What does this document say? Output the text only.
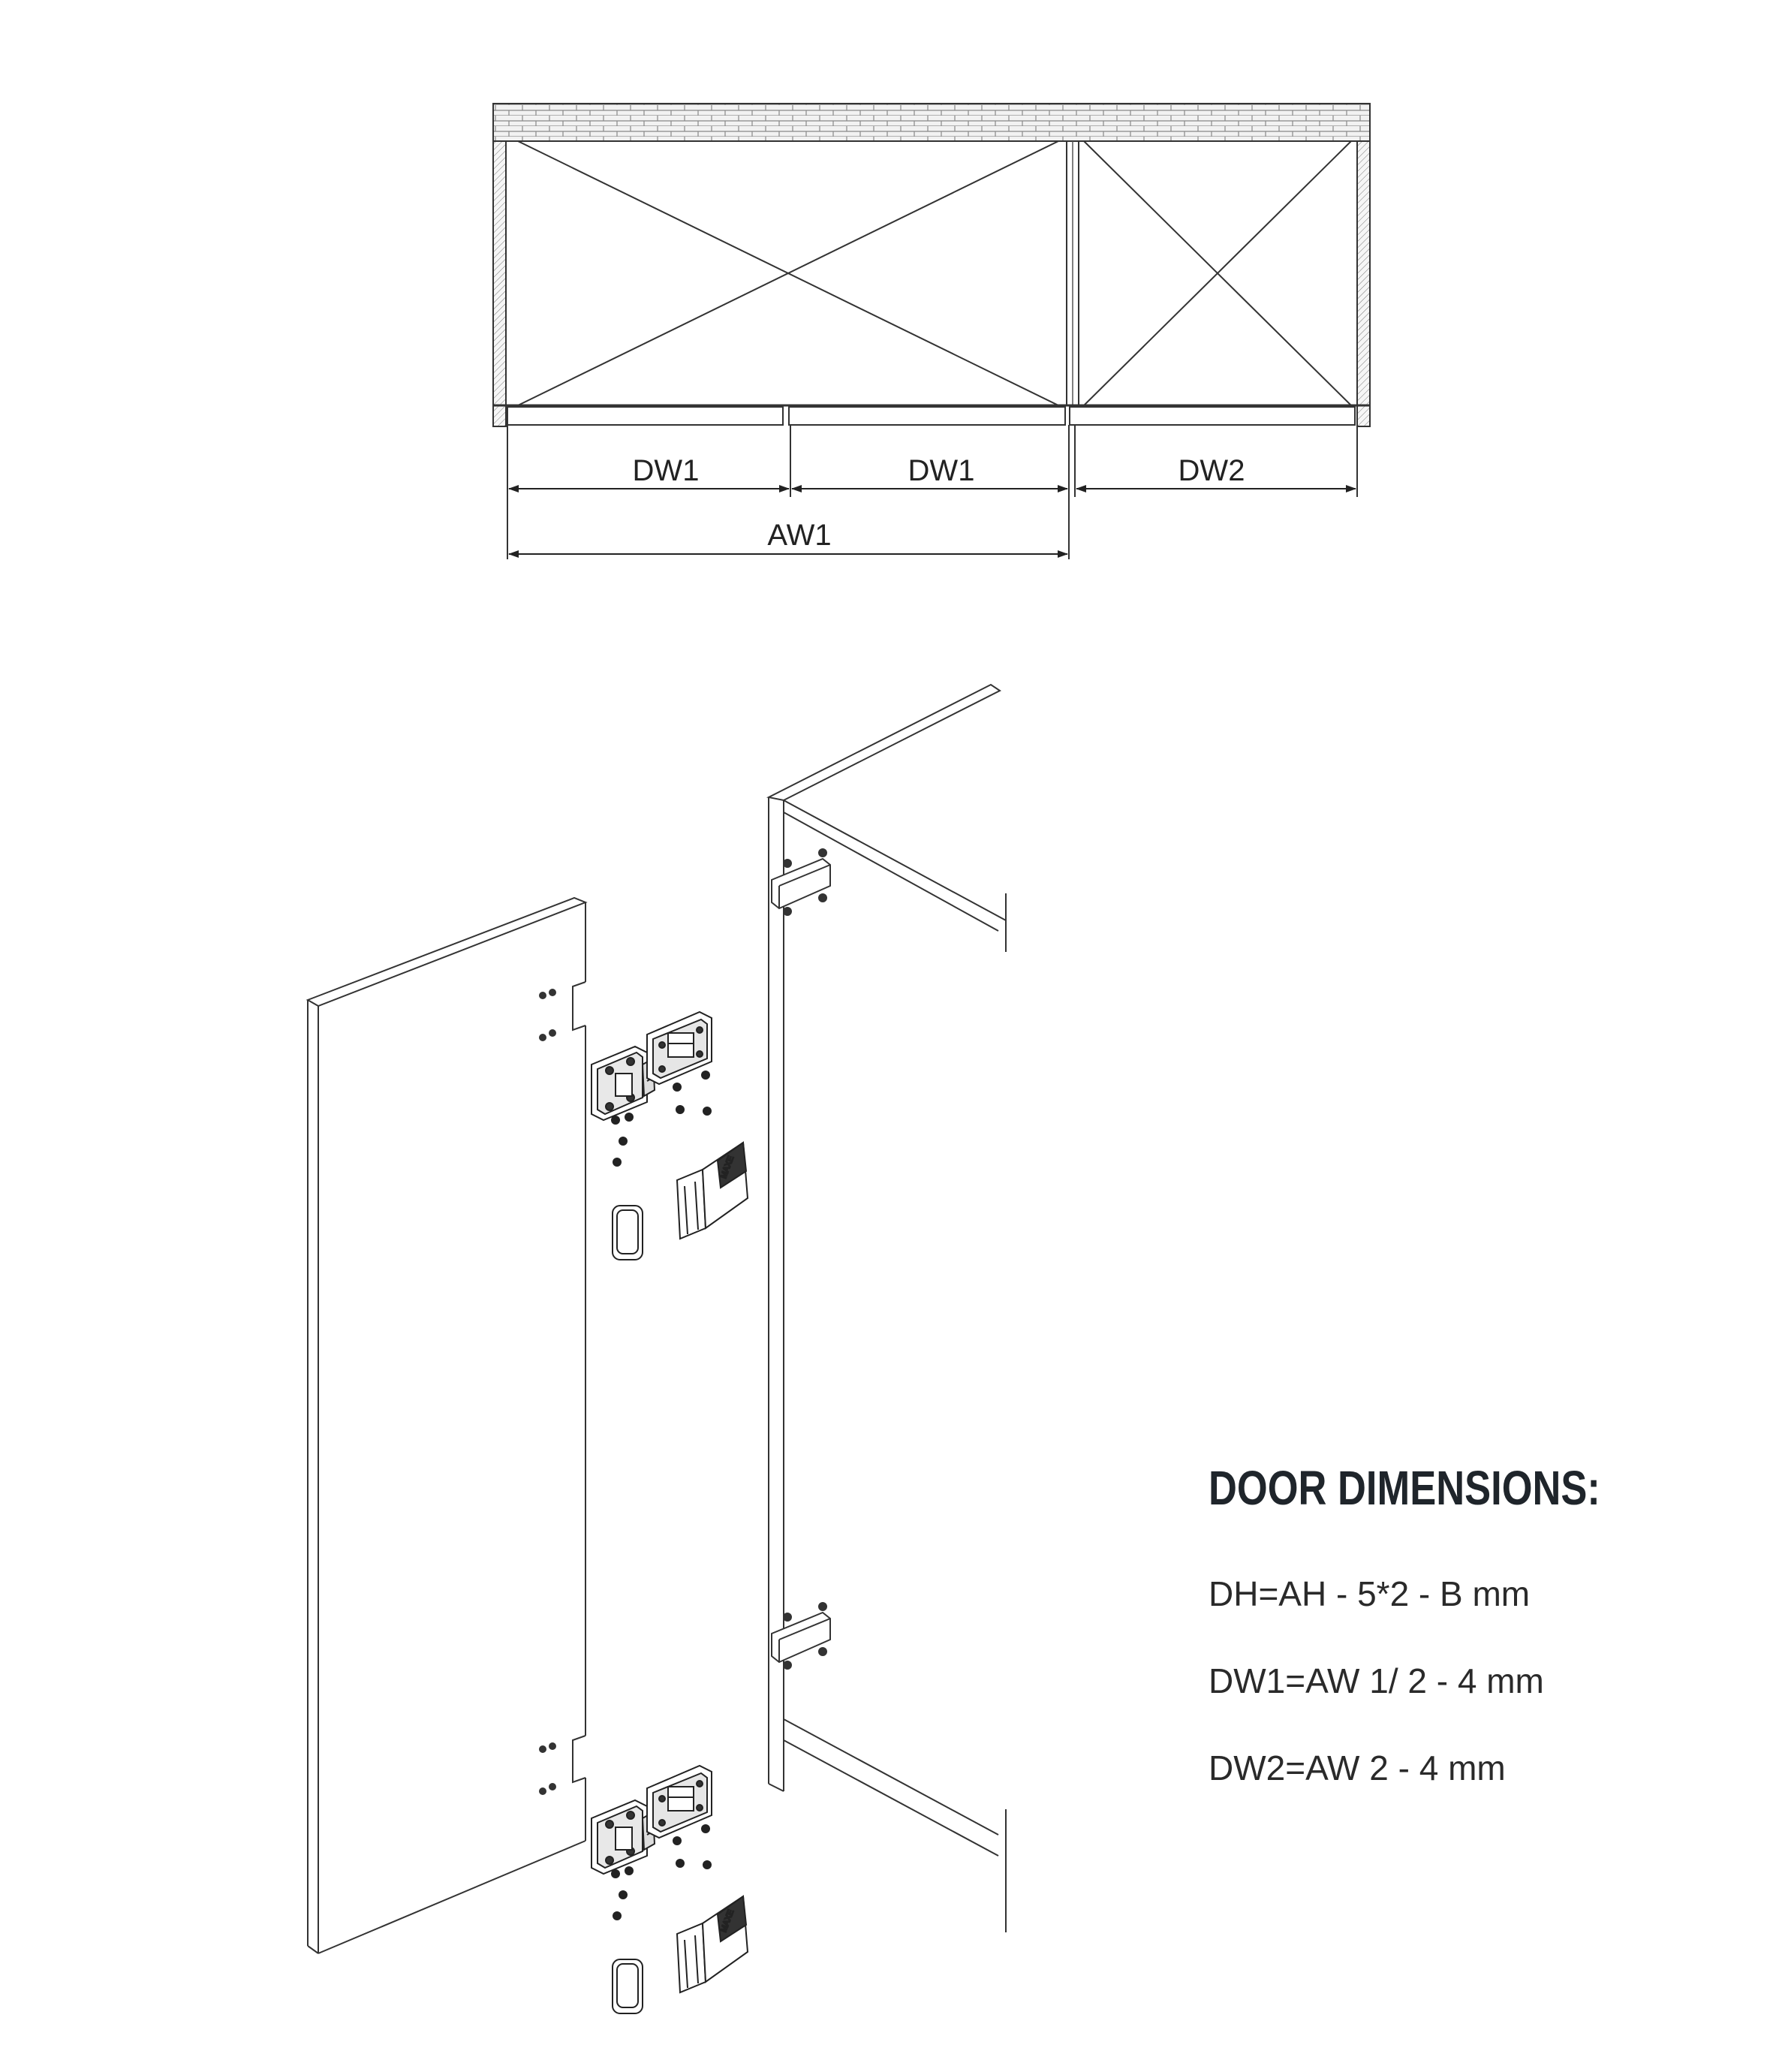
DW1	DW1	DW2
AW1
MAXE
MAXE
DOOR DIMENSIONS:

DH=AH - 5*2 - B mm

DW1=AW 1/ 2 - 4 mm

DW2=AW 2 - 4 mm
